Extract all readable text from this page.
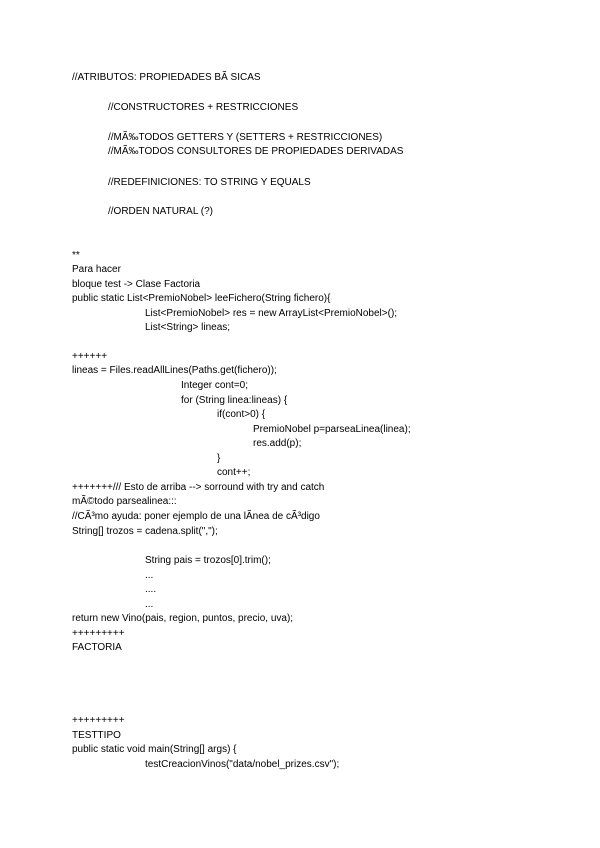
//ATRIBUTOS: PROPIEDADES BÃ SICAS
//CONSTRUCTORES + RESTRICCIONES
//MÃ‰TODOS GETTERS Y (SETTERS + RESTRICCIONES)
//MÃ‰TODOS CONSULTORES DE PROPIEDADES DERIVADAS
//REDEFINICIONES: TO STRING Y EQUALS
//ORDEN NATURAL (?)
**
Para hacer
bloque test -> Clase Factoria
public static List<PremioNobel> leeFichero(String fichero){
List<PremioNobel> res = new ArrayList<PremioNobel>();
List<String> lineas;
++++++
lineas = Files.readAllLines(Paths.get(fichero));
Integer cont=0;
for (String linea:lineas) {
if(cont>0) {
PremioNobel p=parseaLinea(linea);
res.add(p);
}
cont++;
+++++++/// Esto de arriba --> sorround with try and catch
mÃ©todo parsealinea:::
//CÃ³mo ayuda: poner ejemplo de una lÃnea de cÃ³digo
String[] trozos = cadena.split(",");
String pais = trozos[0].trim();
...
....
...
return new Vino(pais, region, puntos, precio, uva);
+++++++++
FACTORIA
+++++++++
TESTTIPO
public static void main(String[] args) {
testCreacionVinos("data/nobel_prizes.csv");
